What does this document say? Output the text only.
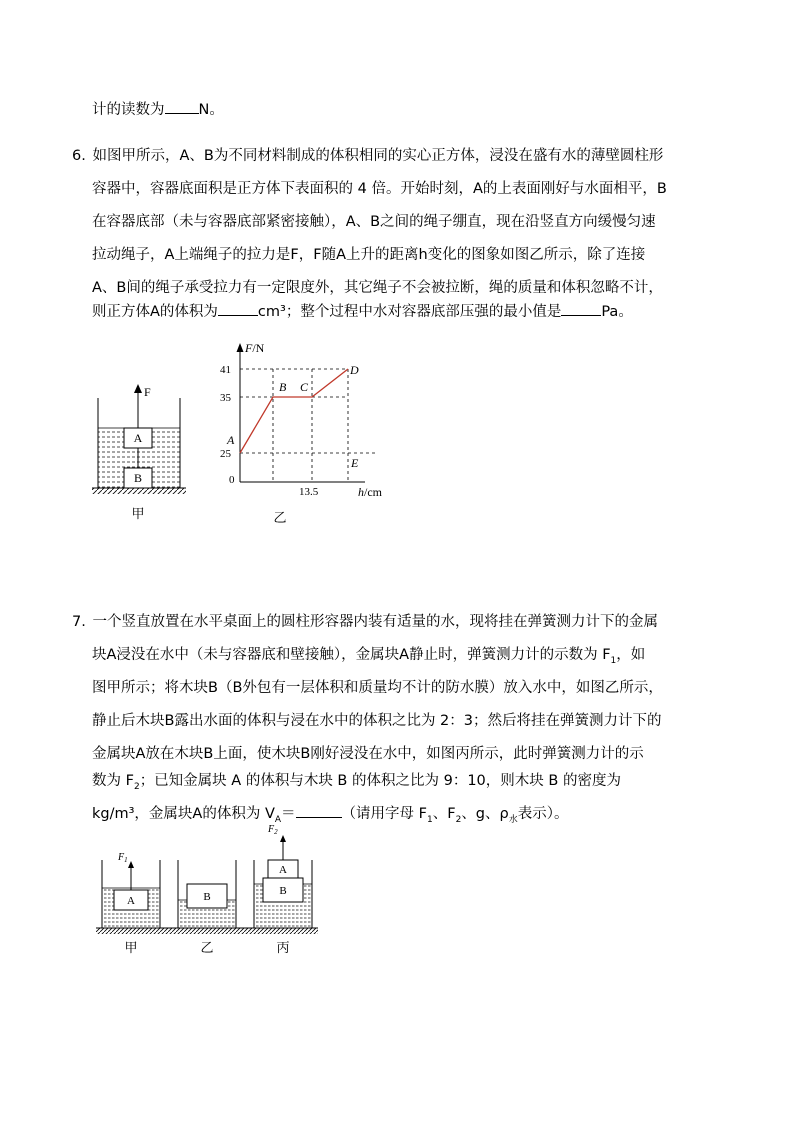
计的读数为 N。
6. 如图甲所示，A、B为不同材料制成的体积相同的实心正方体，浸没在盛有水的薄壁圆柱形
容器中，容器底面积是正方体下表面积的 4 倍。开始时刻，A的上表面刚好与水面相平，B
在容器底部（未与容器底部紧密接触），A、B之间的绳子绷直，现在沿竖直方向缓慢匀速
拉动绳子，A上端绳子的拉力是F，F随A上升的距离h变化的图象如图乙所示，除了连接
A、B间的绳子承受拉力有一定限度外，其它绳子不会被拉断，绳的质量和体积忽略不计，
则正方体A的体积为	cm³；整个过程中水对容器底部压强的最小值是	Pa。
A
B
F
甲
F/N
h/cm
0
41
35
25
13.5
A
B C
D
E
乙
7. 一个竖直放置在水平桌面上的圆柱形容器内装有适量的水，现将挂在弹簧测力计下的金属
块A浸没在水中（未与容器底和壁接触），金属块A静止时，弹簧测力计的示数为 $F_1$，如
图甲所示；将木块B（B外包有一层体积和质量均不计的防水膜）放入水中，如图乙所示，
静止后木块B露出水面的体积与浸在水中的体积之比为 2：3；然后将挂在弹簧测力计下的
金属块A放在木块B上面，使木块B刚好浸没在水中，如图丙所示，此时弹簧测力计的示
数为 $F_2$；已知金属块 A 的体积与木块 B 的体积之比为 9：10，则木块 B 的密度为
kg/m³，金属块A的体积为 $V_A=$	（请用字母 $F_1$、$F_2$、g、$\rho_水$表示）。
A
$F_1$
甲
B
乙
B
A
$F_2$
丙
